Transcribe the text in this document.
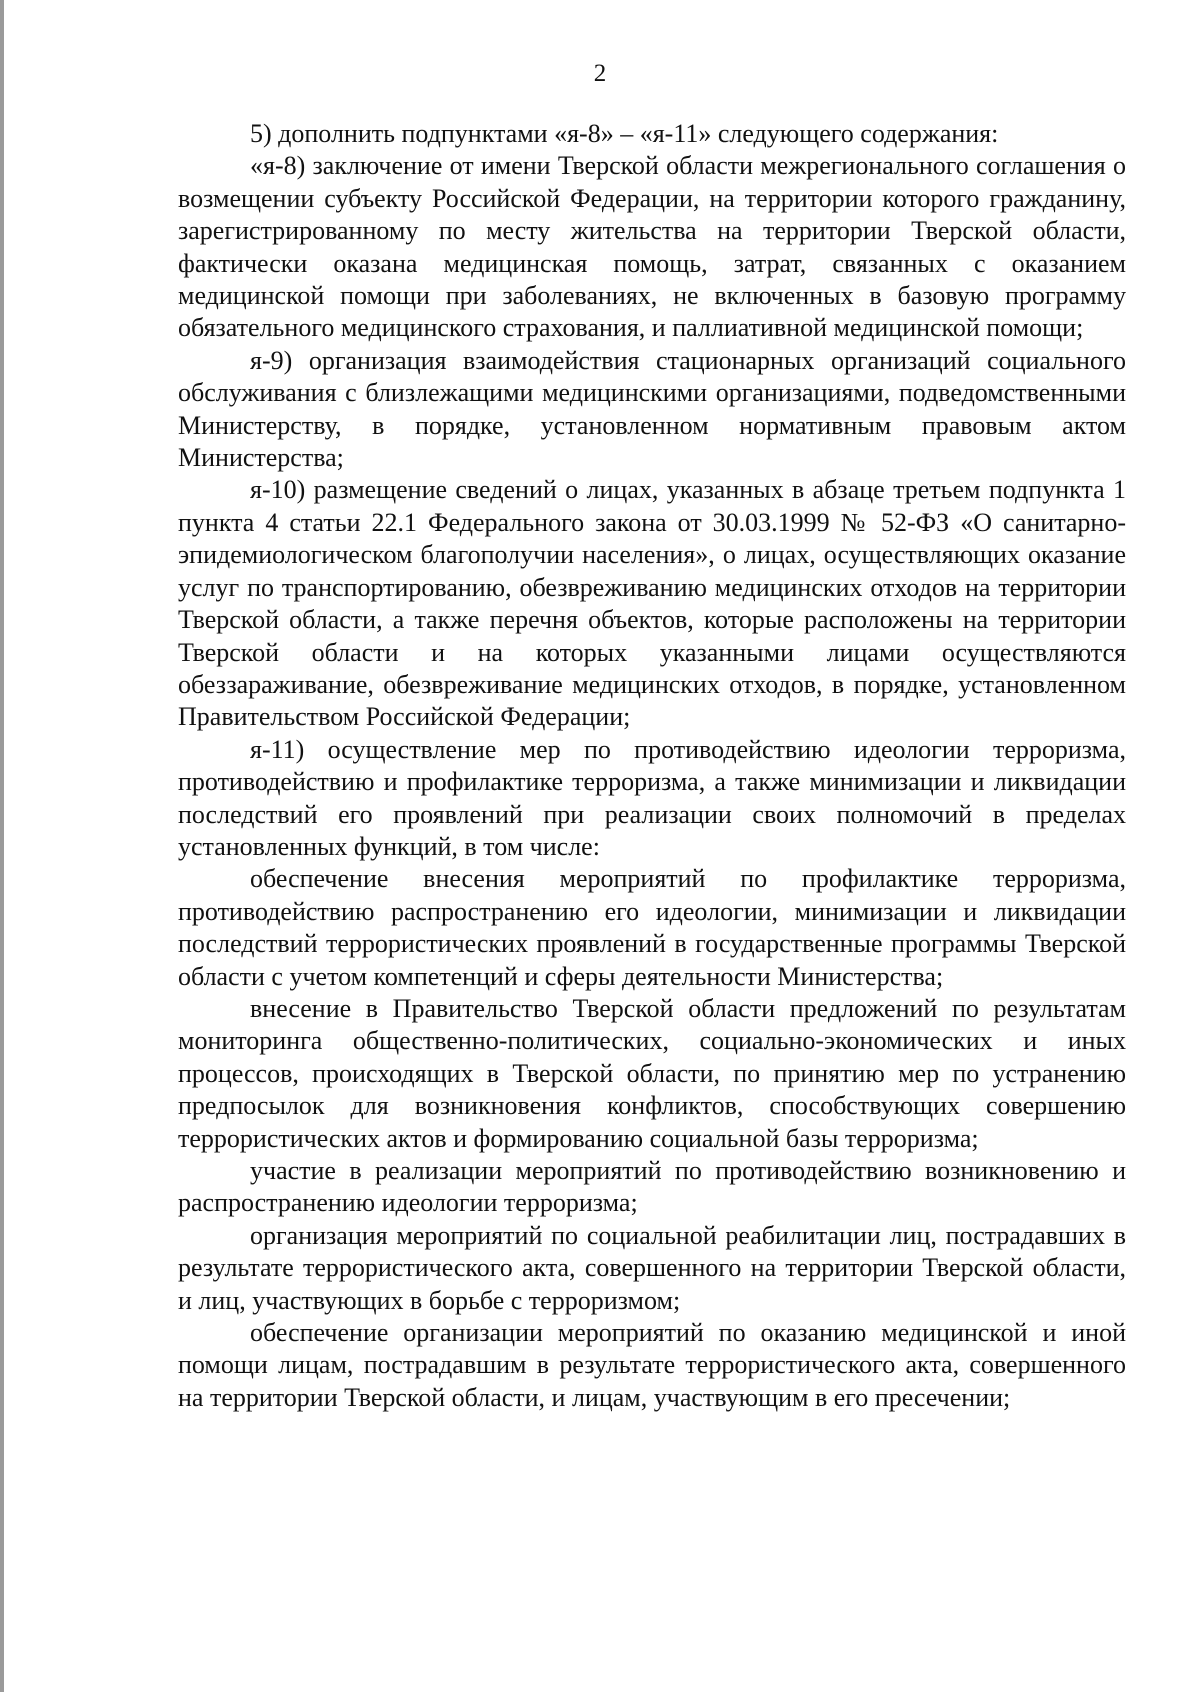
2

5) дополнить подпунктами «я-8» – «я-11» следующего содержания:

«я-8) заключение от имени Тверской области межрегионального соглашения о возмещении субъекту Российской Федерации, на территории которого гражданину, зарегистрированному по месту жительства на территории Тверской области, фактически оказана медицинская помощь, затрат, связанных с оказанием медицинской помощи при заболеваниях, не включенных в базовую программу обязательного медицинского страхования, и паллиативной медицинской помощи;

я-9) организация взаимодействия стационарных организаций социального обслуживания с близлежащими медицинскими организациями, подведомственными Министерству, в порядке, установленном нормативным правовым актом Министерства;

я-10) размещение сведений о лицах, указанных в абзаце третьем подпункта 1 пункта 4 статьи 22.1 Федерального закона от 30.03.1999 № 52-ФЗ «О санитарно-эпидемиологическом благополучии населения», о лицах, осуществляющих оказание услуг по транспортированию, обезвреживанию медицинских отходов на территории Тверской области, а также перечня объектов, которые расположены на территории Тверской области и на которых указанными лицами осуществляются обеззараживание, обезвреживание медицинских отходов, в порядке, установленном Правительством Российской Федерации;

я-11) осуществление мер по противодействию идеологии терроризма, противодействию и профилактике терроризма, а также минимизации и ликвидации последствий его проявлений при реализации своих полномочий в пределах установленных функций, в том числе:

обеспечение внесения мероприятий по профилактике терроризма, противодействию распространению его идеологии, минимизации и ликвидации последствий террористических проявлений в государственные программы Тверской области с учетом компетенций и сферы деятельности Министерства;

внесение в Правительство Тверской области предложений по результатам мониторинга общественно-политических, социально-экономических и иных процессов, происходящих в Тверской области, по принятию мер по устранению предпосылок для возникновения конфликтов, способствующих совершению террористических актов и формированию социальной базы терроризма;

участие в реализации мероприятий по противодействию возникновению и распространению идеологии терроризма;

организация мероприятий по социальной реабилитации лиц, пострадавших в результате террористического акта, совершенного на территории Тверской области, и лиц, участвующих в борьбе с терроризмом;

обеспечение организации мероприятий по оказанию медицинской и иной помощи лицам, пострадавшим в результате террористического акта, совершенного на территории Тверской области, и лицам, участвующим в его пресечении;
